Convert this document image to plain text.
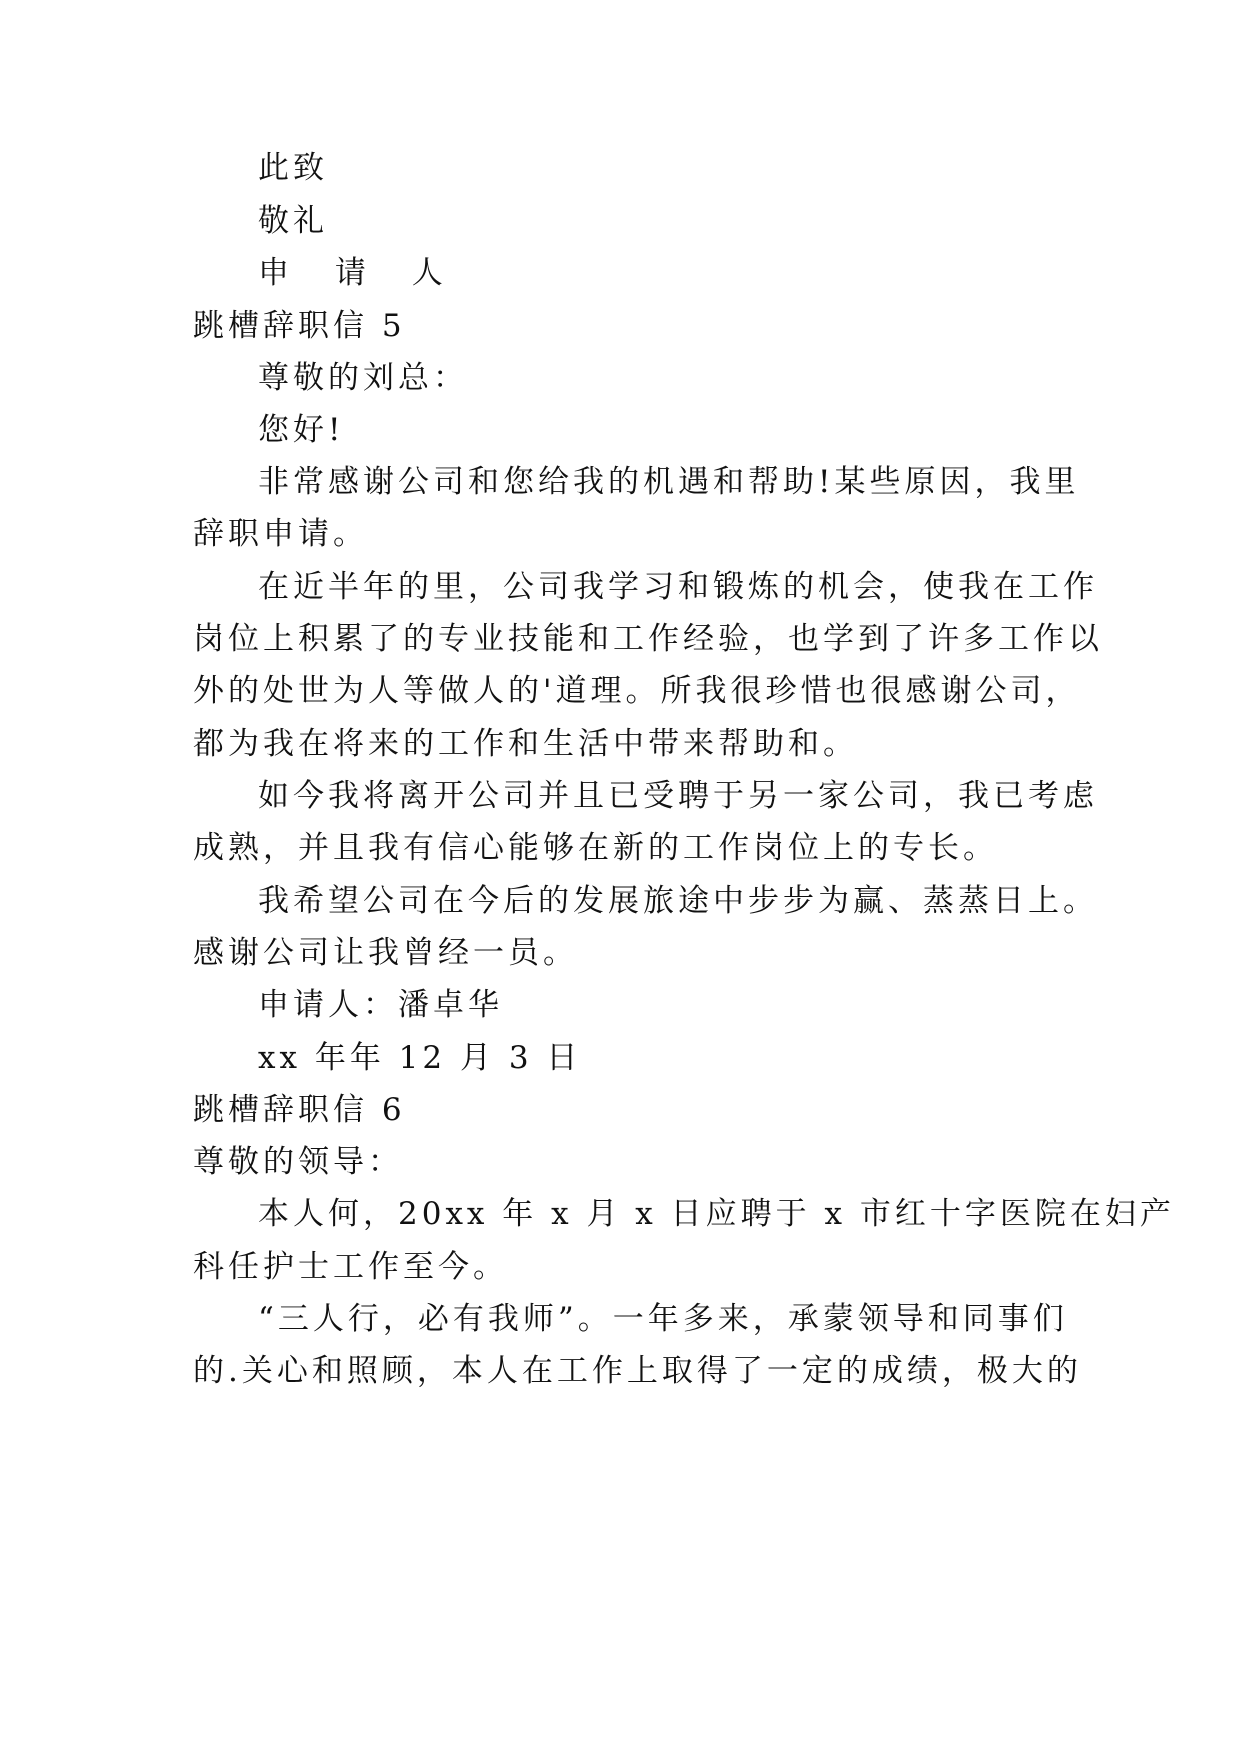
此致
敬礼
申 请 人
跳槽辞职信 5
尊敬的刘总：
您好!
非常感谢公司和您给我的机遇和帮助!某些原因，我里
辞职申请。
在近半年的里，公司我学习和锻炼的机会，使我在工作
岗位上积累了的专业技能和工作经验，也学到了许多工作以
外的处世为人等做人的'道理。所我很珍惜也很感谢公司，
都为我在将来的工作和生活中带来帮助和。
如今我将离开公司并且已受聘于另一家公司，我已考虑
成熟，并且我有信心能够在新的工作岗位上的专长。
我希望公司在今后的发展旅途中步步为赢、蒸蒸日上。
感谢公司让我曾经一员。
申请人：潘卓华
xx 年年 12 月 3 日
跳槽辞职信 6
尊敬的领导：
本人何，20xx 年 x 月 x 日应聘于 x 市红十字医院在妇产
科任护士工作至今。
“三人行，必有我师”。一年多来，承蒙领导和同事们
的.关心和照顾，本人在工作上取得了一定的成绩，极大的
